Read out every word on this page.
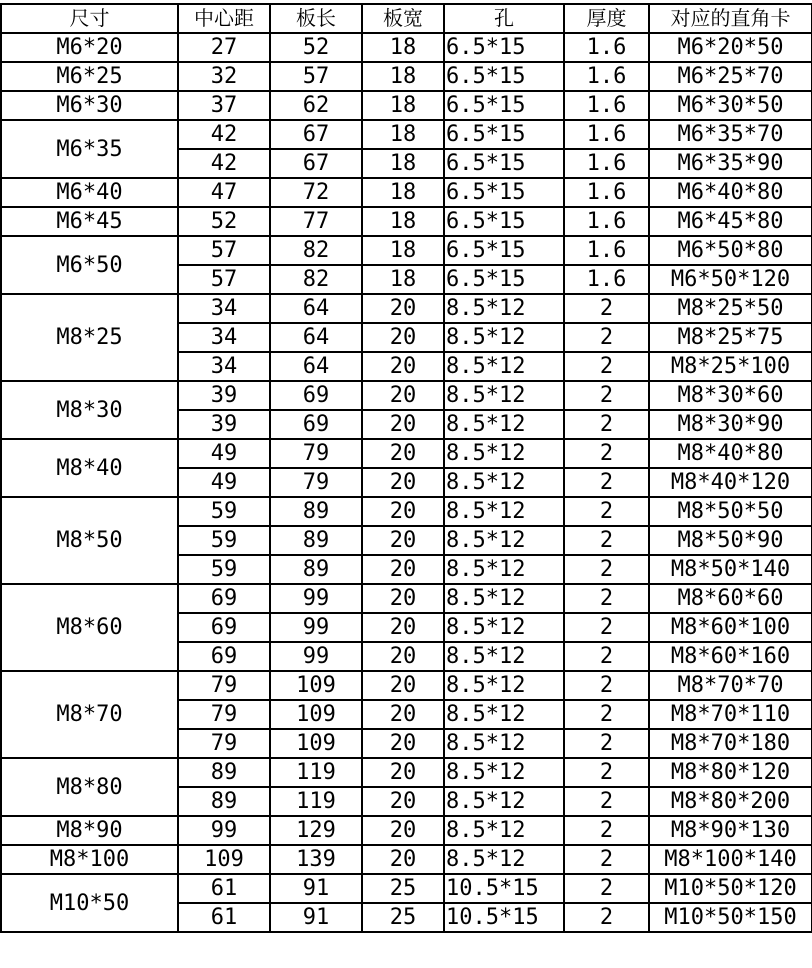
尺寸	中心距	板长	板宽	孔	厚度	对应的直角卡
M6*20	27	52	18	6.5*15	1.6	M6*20*50
M6*25	32	57	18	6.5*15	1.6	M6*25*70
M6*30	37	62	18	6.5*15	1.6	M6*30*50
M6*35	42	67	18	6.5*15	1.6	M6*35*70
	42	67	18	6.5*15	1.6	M6*35*90
M6*40	47	72	18	6.5*15	1.6	M6*40*80
M6*45	52	77	18	6.5*15	1.6	M6*45*80
M6*50	57	82	18	6.5*15	1.6	M6*50*80
	57	82	18	6.5*15	1.6	M6*50*120
M8*25	34	64	20	8.5*12	2	M8*25*50
	34	64	20	8.5*12	2	M8*25*75
	34	64	20	8.5*12	2	M8*25*100
M8*30	39	69	20	8.5*12	2	M8*30*60
	39	69	20	8.5*12	2	M8*30*90
M8*40	49	79	20	8.5*12	2	M8*40*80
	49	79	20	8.5*12	2	M8*40*120
M8*50	59	89	20	8.5*12	2	M8*50*50
	59	89	20	8.5*12	2	M8*50*90
	59	89	20	8.5*12	2	M8*50*140
M8*60	69	99	20	8.5*12	2	M8*60*60
	69	99	20	8.5*12	2	M8*60*100
	69	99	20	8.5*12	2	M8*60*160
M8*70	79	109	20	8.5*12	2	M8*70*70
	79	109	20	8.5*12	2	M8*70*110
	79	109	20	8.5*12	2	M8*70*180
M8*80	89	119	20	8.5*12	2	M8*80*120
	89	119	20	8.5*12	2	M8*80*200
M8*90	99	129	20	8.5*12	2	M8*90*130
M8*100	109	139	20	8.5*12	2	M8*100*140
M10*50	61	91	25	10.5*15	2	M10*50*120
	61	91	25	10.5*15	2	M10*50*150
